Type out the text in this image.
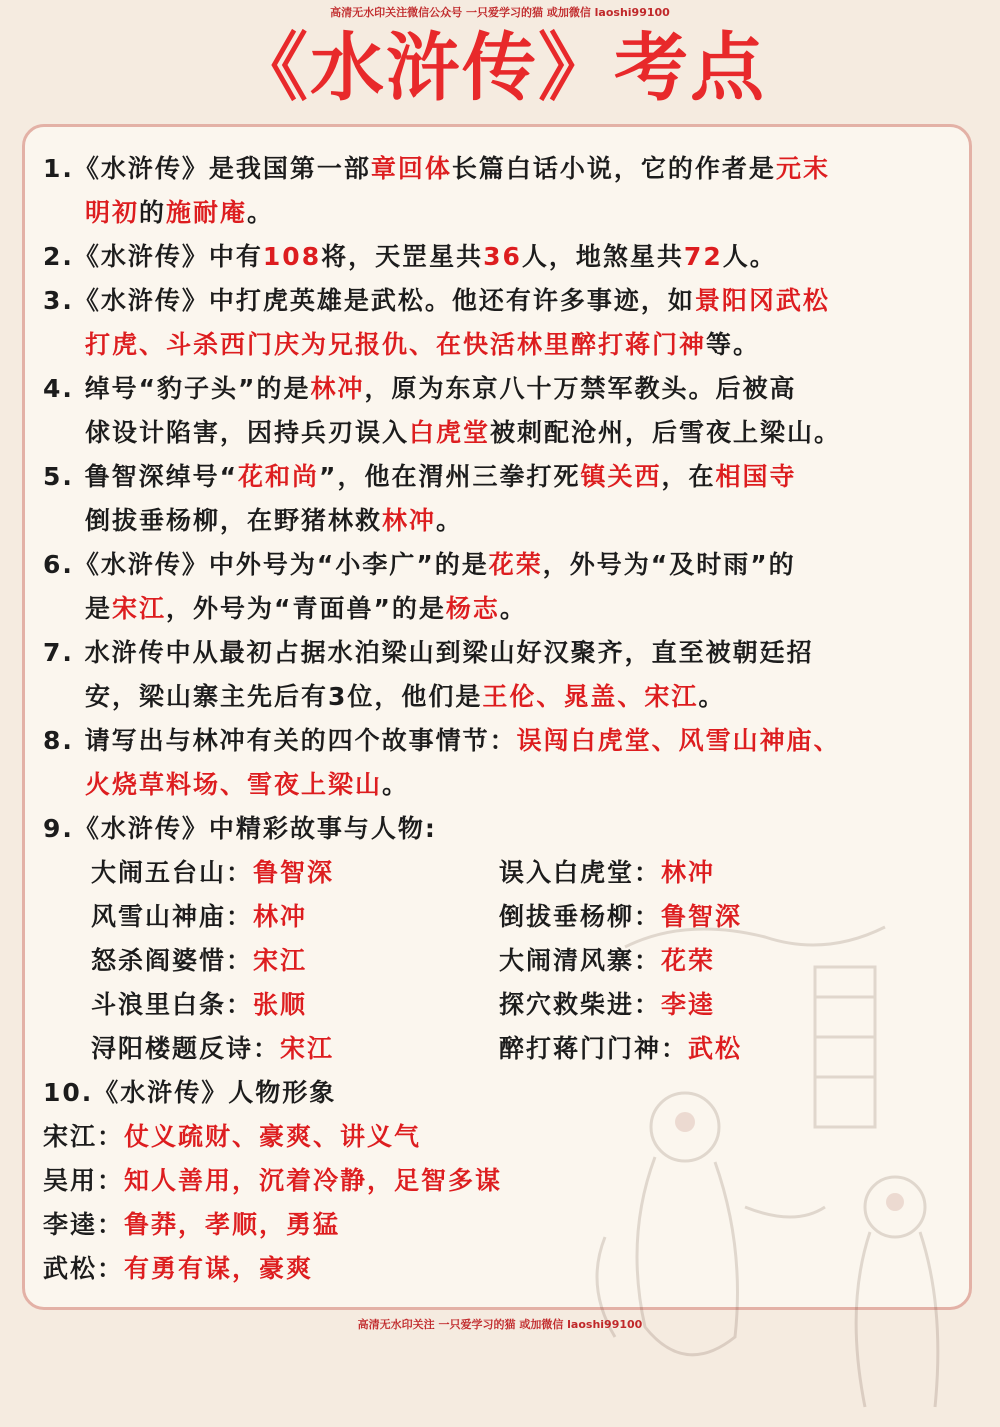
高清无水印关注微信公众号 一只爱学习的猫 或加微信 laoshi99100
《水浒传》考点
1.《水浒传》是我国第一部章回体长篇白话小说，它的作者是元末
明初的施耐庵。
2.《水浒传》中有108将，天罡星共36人，地煞星共72人。
3.《水浒传》中打虎英雄是武松。他还有许多事迹，如景阳冈武松
打虎、斗杀西门庆为兄报仇、在快活林里醉打蒋门神等。
4. 绰号“豹子头”的是林冲，原为东京八十万禁军教头。后被高
俅设计陷害，因持兵刃误入白虎堂被刺配沧州，后雪夜上梁山。
5. 鲁智深绰号“花和尚”，他在渭州三拳打死镇关西，在相国寺
倒拔垂杨柳，在野猪林救林冲。
6.《水浒传》中外号为“小李广”的是花荣，外号为“及时雨”的
是宋江，外号为“青面兽”的是杨志。
7. 水浒传中从最初占据水泊梁山到梁山好汉聚齐，直至被朝廷招
安，梁山寨主先后有3位，他们是王伦、晁盖、宋江。
8. 请写出与林冲有关的四个故事情节：误闯白虎堂、风雪山神庙、
火烧草料场、雪夜上梁山。
9.《水浒传》中精彩故事与人物:
大闹五台山：鲁智深	误入白虎堂：林冲
风雪山神庙：林冲	倒拔垂杨柳：鲁智深
怒杀阎婆惜：宋江	大闹清风寨：花荣
斗浪里白条：张顺	探穴救柴进：李逵
浔阳楼题反诗：宋江	醉打蒋门门神：武松
10.《水浒传》人物形象
宋江：仗义疏财、豪爽、讲义气
吴用：知人善用，沉着冷静，足智多谋
李逵：鲁莽，孝顺，勇猛
武松：有勇有谋，豪爽
高清无水印关注 一只爱学习的猫 或加微信 laoshi99100
